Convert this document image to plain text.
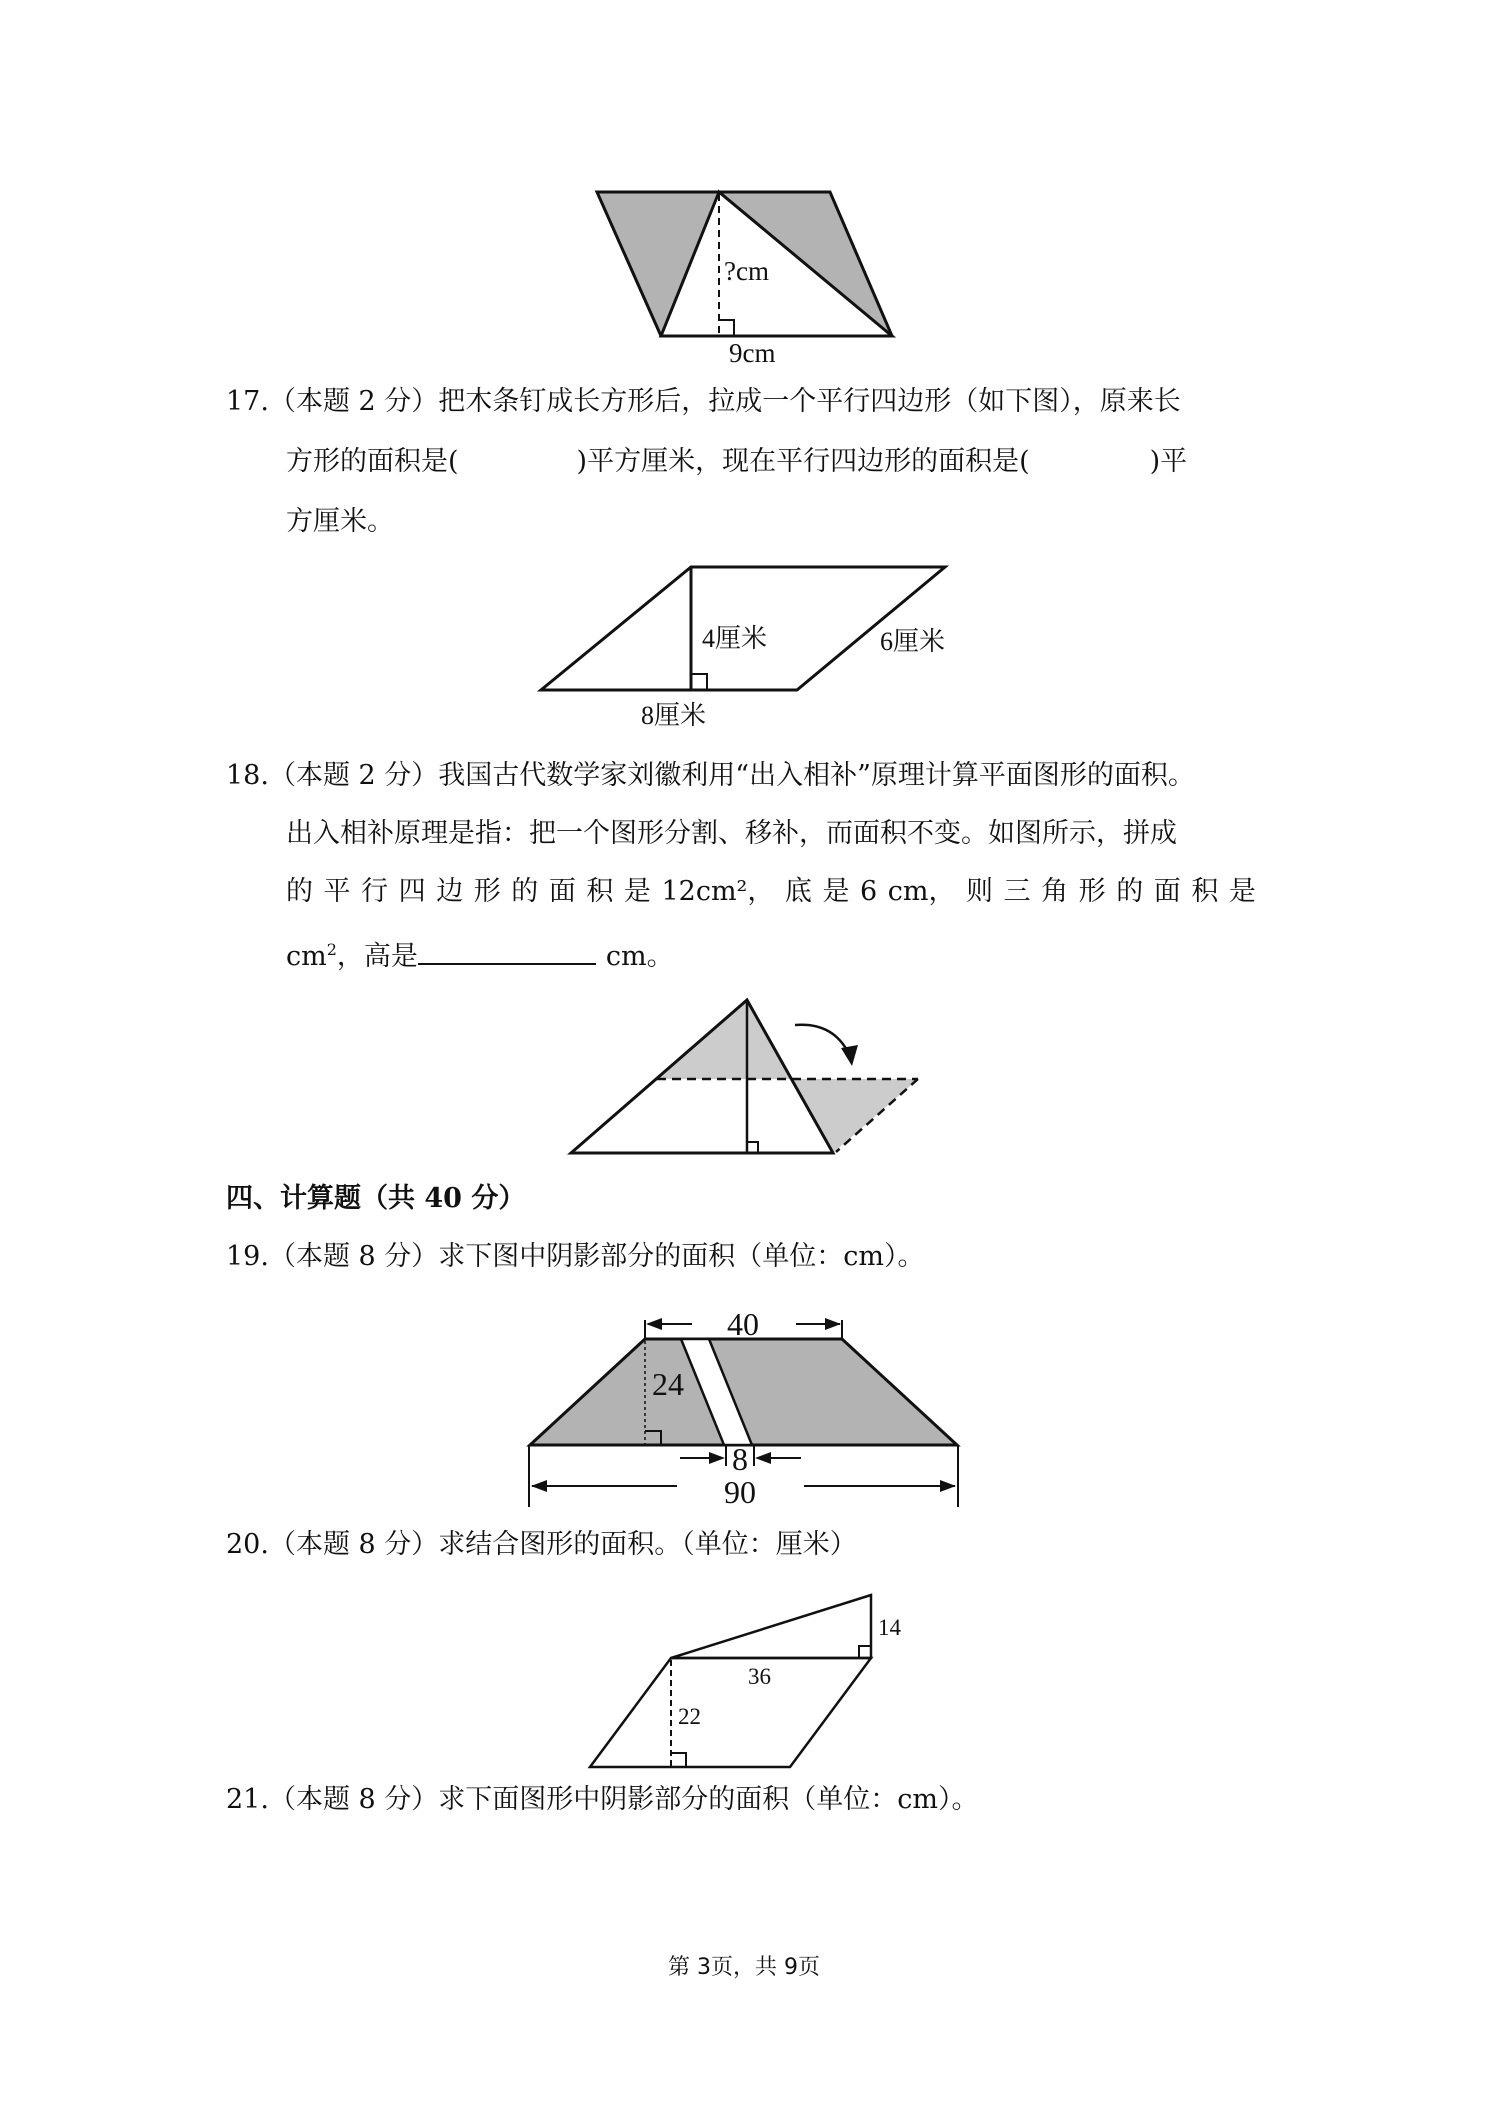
?cm
9cm
17.（本题 2 分）把木条钉成长方形后，拉成一个平行四边形（如下图），原来长
方形的面积是(	)平方厘米，现在平行四边形的面积是(	)平
方厘米。
4厘米	6厘米
8厘米
18.（本题 2 分）我国古代数学家刘徽利用“出入相补”原理计算平面图形的面积。
出入相补原理是指：把一个图形分割、移补，而面积不变。如图所示，拼成
的 平 行 四 边 形 的 面 积 是 12cm²， 底 是 6 cm， 则 三 角 形 的 面 积 是
$cm^2$，高是	cm。
四、计算题（共 40 分）
19.（本题 8 分）求下图中阴影部分的面积（单位：cm）。
24
40
8
90
20.（本题 8 分）求结合图形的面积。（单位：厘米）
14
36
22
21.（本题 8 分）求下面图形中阴影部分的面积（单位：cm）。
第 3页，共 9页
